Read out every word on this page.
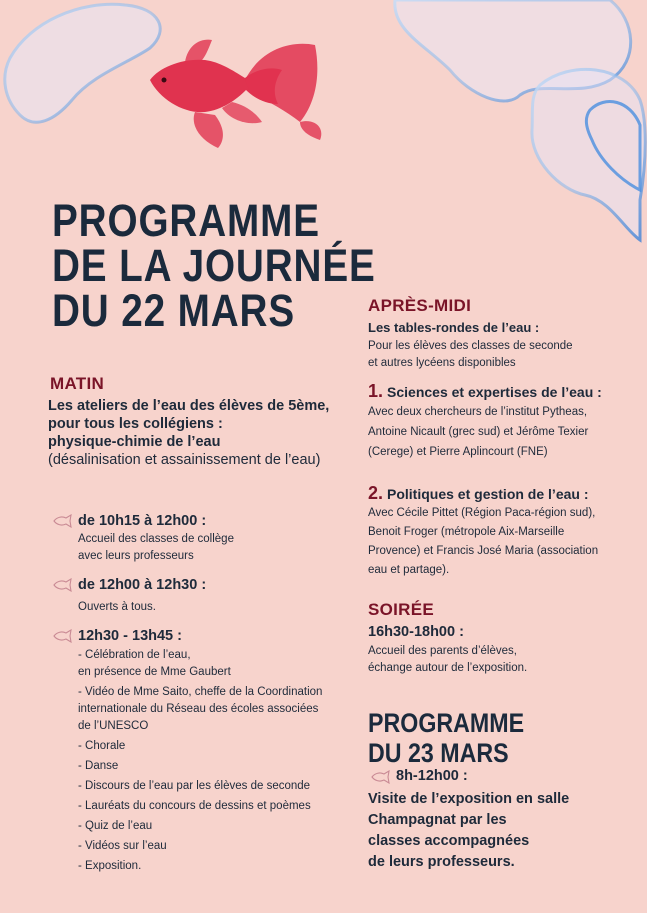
PROGRAMME
DE LA JOURNÉE
DU 22 MARS
MATIN
Les ateliers de l’eau des élèves de 5ème,
pour tous les collégiens :
physique-chimie de l’eau
(désalinisation et assainissement de l’eau)
de 10h15 à 12h00 :
Accueil des classes de collège
avec leurs professeurs
de 12h00 à 12h30 :
Ouverts à tous.
12h30 - 13h45 :
- Célébration de l’eau,
en présence de Mme Gaubert
- Vidéo de Mme Saito, cheffe de la Coordination
internationale du Réseau des écoles associées
de l’UNESCO
- Chorale
- Danse
- Discours de l’eau par les élèves de seconde
- Lauréats du concours de dessins et poèmes
- Quiz de l’eau
- Vidéos sur l’eau
- Exposition.
APRÈS-MIDI
Les tables-rondes de l’eau :
Pour les élèves des classes de seconde
et autres lycéens disponibles
1. Sciences et expertises de l’eau :
Avec deux chercheurs de l’institut Pytheas,
Antoine Nicault (grec sud) et Jérôme Texier
(Cerege) et Pierre Aplincourt (FNE)
2. Politiques et gestion de l’eau :
Avec Cécile Pittet (Région Paca-région sud),
Benoit Froger (métropole Aix-Marseille
Provence) et Francis José Maria (association
eau et partage).
SOIRÉE
16h30-18h00 :
Accueil des parents d’élèves,
échange autour de l’exposition.
PROGRAMME
DU 23 MARS
8h-12h00 :
Visite de l’exposition en salle
Champagnat par les
classes accompagnées
de leurs professeurs.
